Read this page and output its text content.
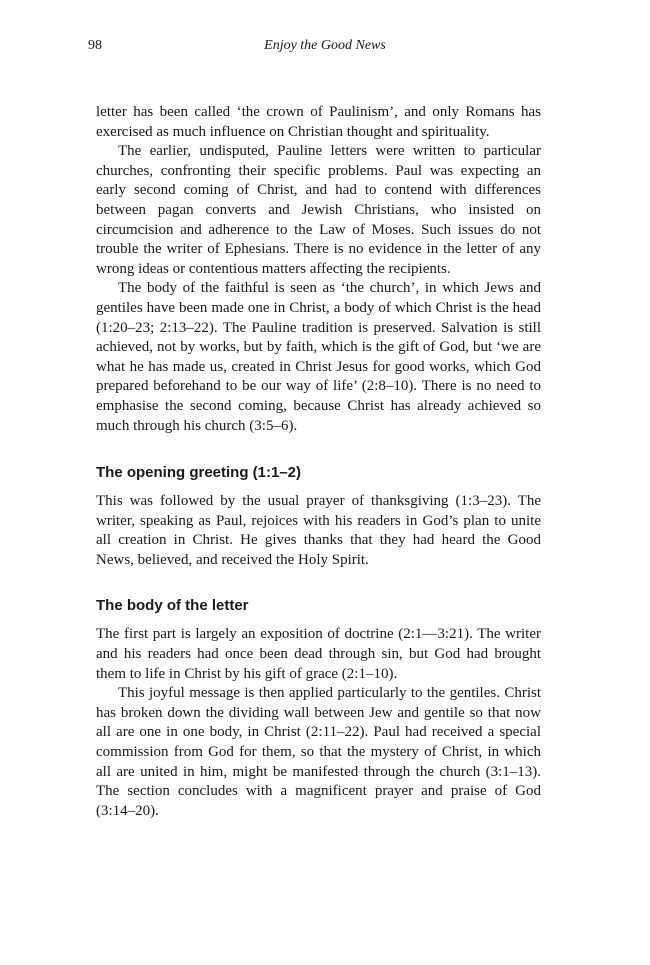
98	Enjoy the Good News

letter has been called ‘the crown of Paulinism’, and only Romans has exercised as much influence on Christian thought and spirituality.

The earlier, undisputed, Pauline letters were written to particular churches, confronting their specific problems. Paul was expecting an early second coming of Christ, and had to contend with differences between pagan converts and Jewish Christians, who insisted on circumcision and adherence to the Law of Moses. Such issues do not trouble the writer of Ephesians. There is no evidence in the letter of any wrong ideas or contentious matters affecting the recipients.

The body of the faithful is seen as ‘the church’, in which Jews and gentiles have been made one in Christ, a body of which Christ is the head (1:20–23; 2:13–22). The Pauline tradition is preserved. Salvation is still achieved, not by works, but by faith, which is the gift of God, but ‘we are what he has made us, created in Christ Jesus for good works, which God prepared beforehand to be our way of life’ (2:8–10). There is no need to emphasise the second coming, because Christ has already achieved so much through his church (3:5–6).

The opening greeting (1:1–2)

This was followed by the usual prayer of thanksgiving (1:3–23). The writer, speaking as Paul, rejoices with his readers in God’s plan to unite all creation in Christ. He gives thanks that they had heard the Good News, believed, and received the Holy Spirit.

The body of the letter

The first part is largely an exposition of doctrine (2:1—3:21). The writer and his readers had once been dead through sin, but God had brought them to life in Christ by his gift of grace (2:1–10).

This joyful message is then applied particularly to the gentiles. Christ has broken down the dividing wall between Jew and gentile so that now all are one in one body, in Christ (2:11–22). Paul had received a special commission from God for them, so that the mystery of Christ, in which all are united in him, might be manifested through the church (3:1–13). The section concludes with a magnificent prayer and praise of God (3:14–20).
